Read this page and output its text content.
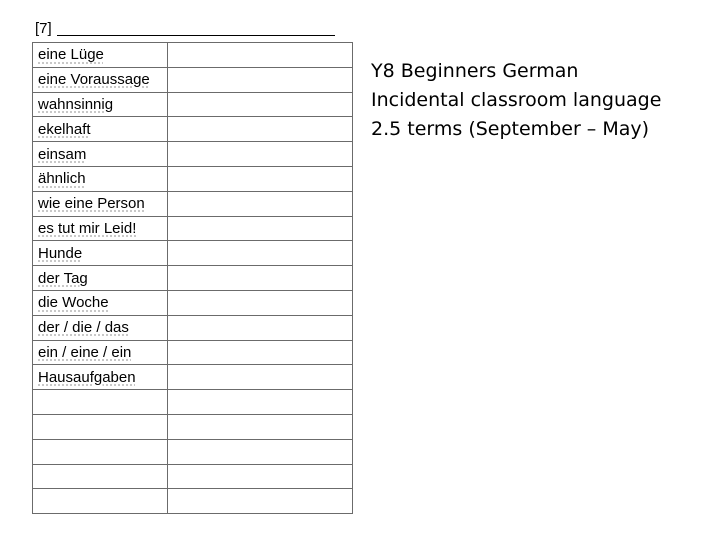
[7]
eine Lüge	
eine Voraussage	
wahnsinnig	
ekelhaft	
einsam	
ähnlich	
wie eine Person	
es tut mir Leid!	
Hunde	
der Tag	
die Woche	
der / die / das	
ein / eine / ein	
Hausaufgaben	

Y8 Beginners German
Incidental classroom language
2.5 terms (September – May)
